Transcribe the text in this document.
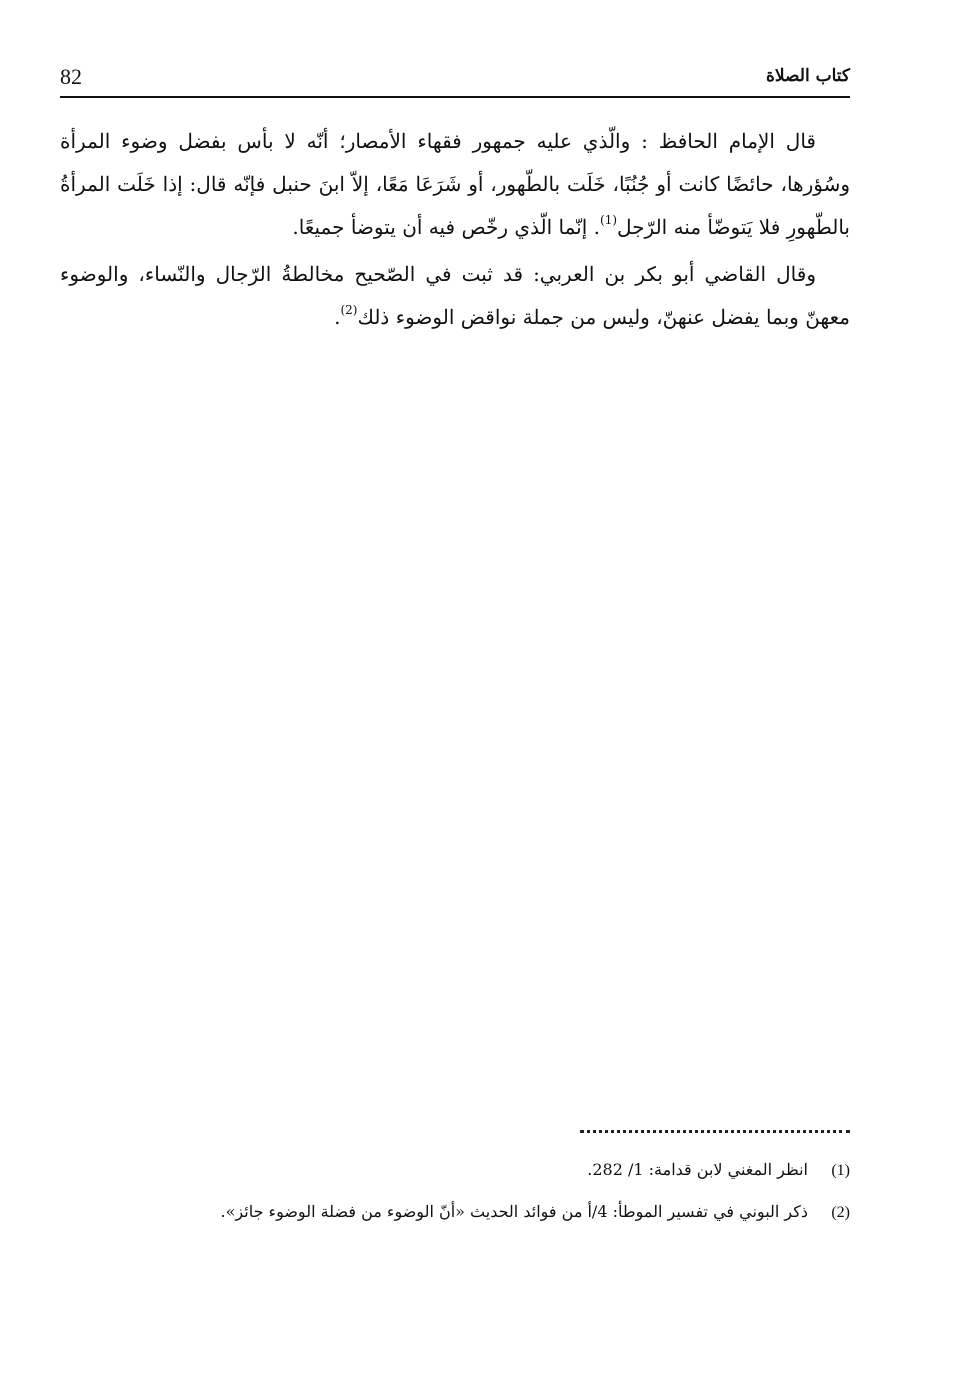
كتاب الصلاة
82

قال الإمام الحافظ : والّذي عليه جمهور فقهاء الأمصار؛ أنّه لا بأس بفضل وضوء المرأة وسُؤرها، حائضًا كانت أو جُنُبًا، خَلَت بالطّهور، أو شَرَعَا مَعًا، إلاّ ابنَ حنبل فإنّه قال: إذا خَلَت المرأةُ بالطّهورِ فلا يَتوضّأ منه الرّجل$^{(1)}$. إنّما الّذي رخّص فيه أن يتوضأ جميعًا.

وقال القاضي أبو بكر بن العربي: قد ثبت في الصّحيح مخالطةُ الرّجال والنّساء، والوضوء معهنّ وبما يفضل عنهنّ، وليس من جملة نواقض الوضوء ذلك$^{(2)}$.

(1)
انظر المغني لابن قدامة: 1/ 282.
(2)
ذكر البوني في تفسير الموطأ: 4/أ من فوائد الحديث «أنّ الوضوء من فضلة الوضوء جائز».
